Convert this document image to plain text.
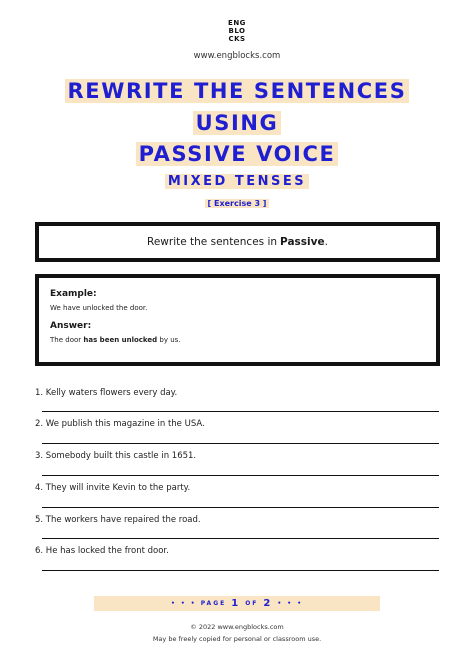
ENG
BLO
CKS
www.engblocks.com
REWRITE THE SENTENCES
USING
PASSIVE VOICE
MIXED TENSES
[ Exercise 3 ]
Rewrite the sentences in Passive .
Example:
We have unlocked the door.
Answer:
The door has been unlocked by us.
1. Kelly waters flowers every day.
2. We publish this magazine in the USA.
3. Somebody built this castle in 1651.
4. They will invite Kevin to the party.
5. The workers have repaired the road.
6. He has locked the front door.
• • • PAGE 1 OF 2 • • •
© 2022 www.engblocks.com
May be freely copied for personal or classroom use.
